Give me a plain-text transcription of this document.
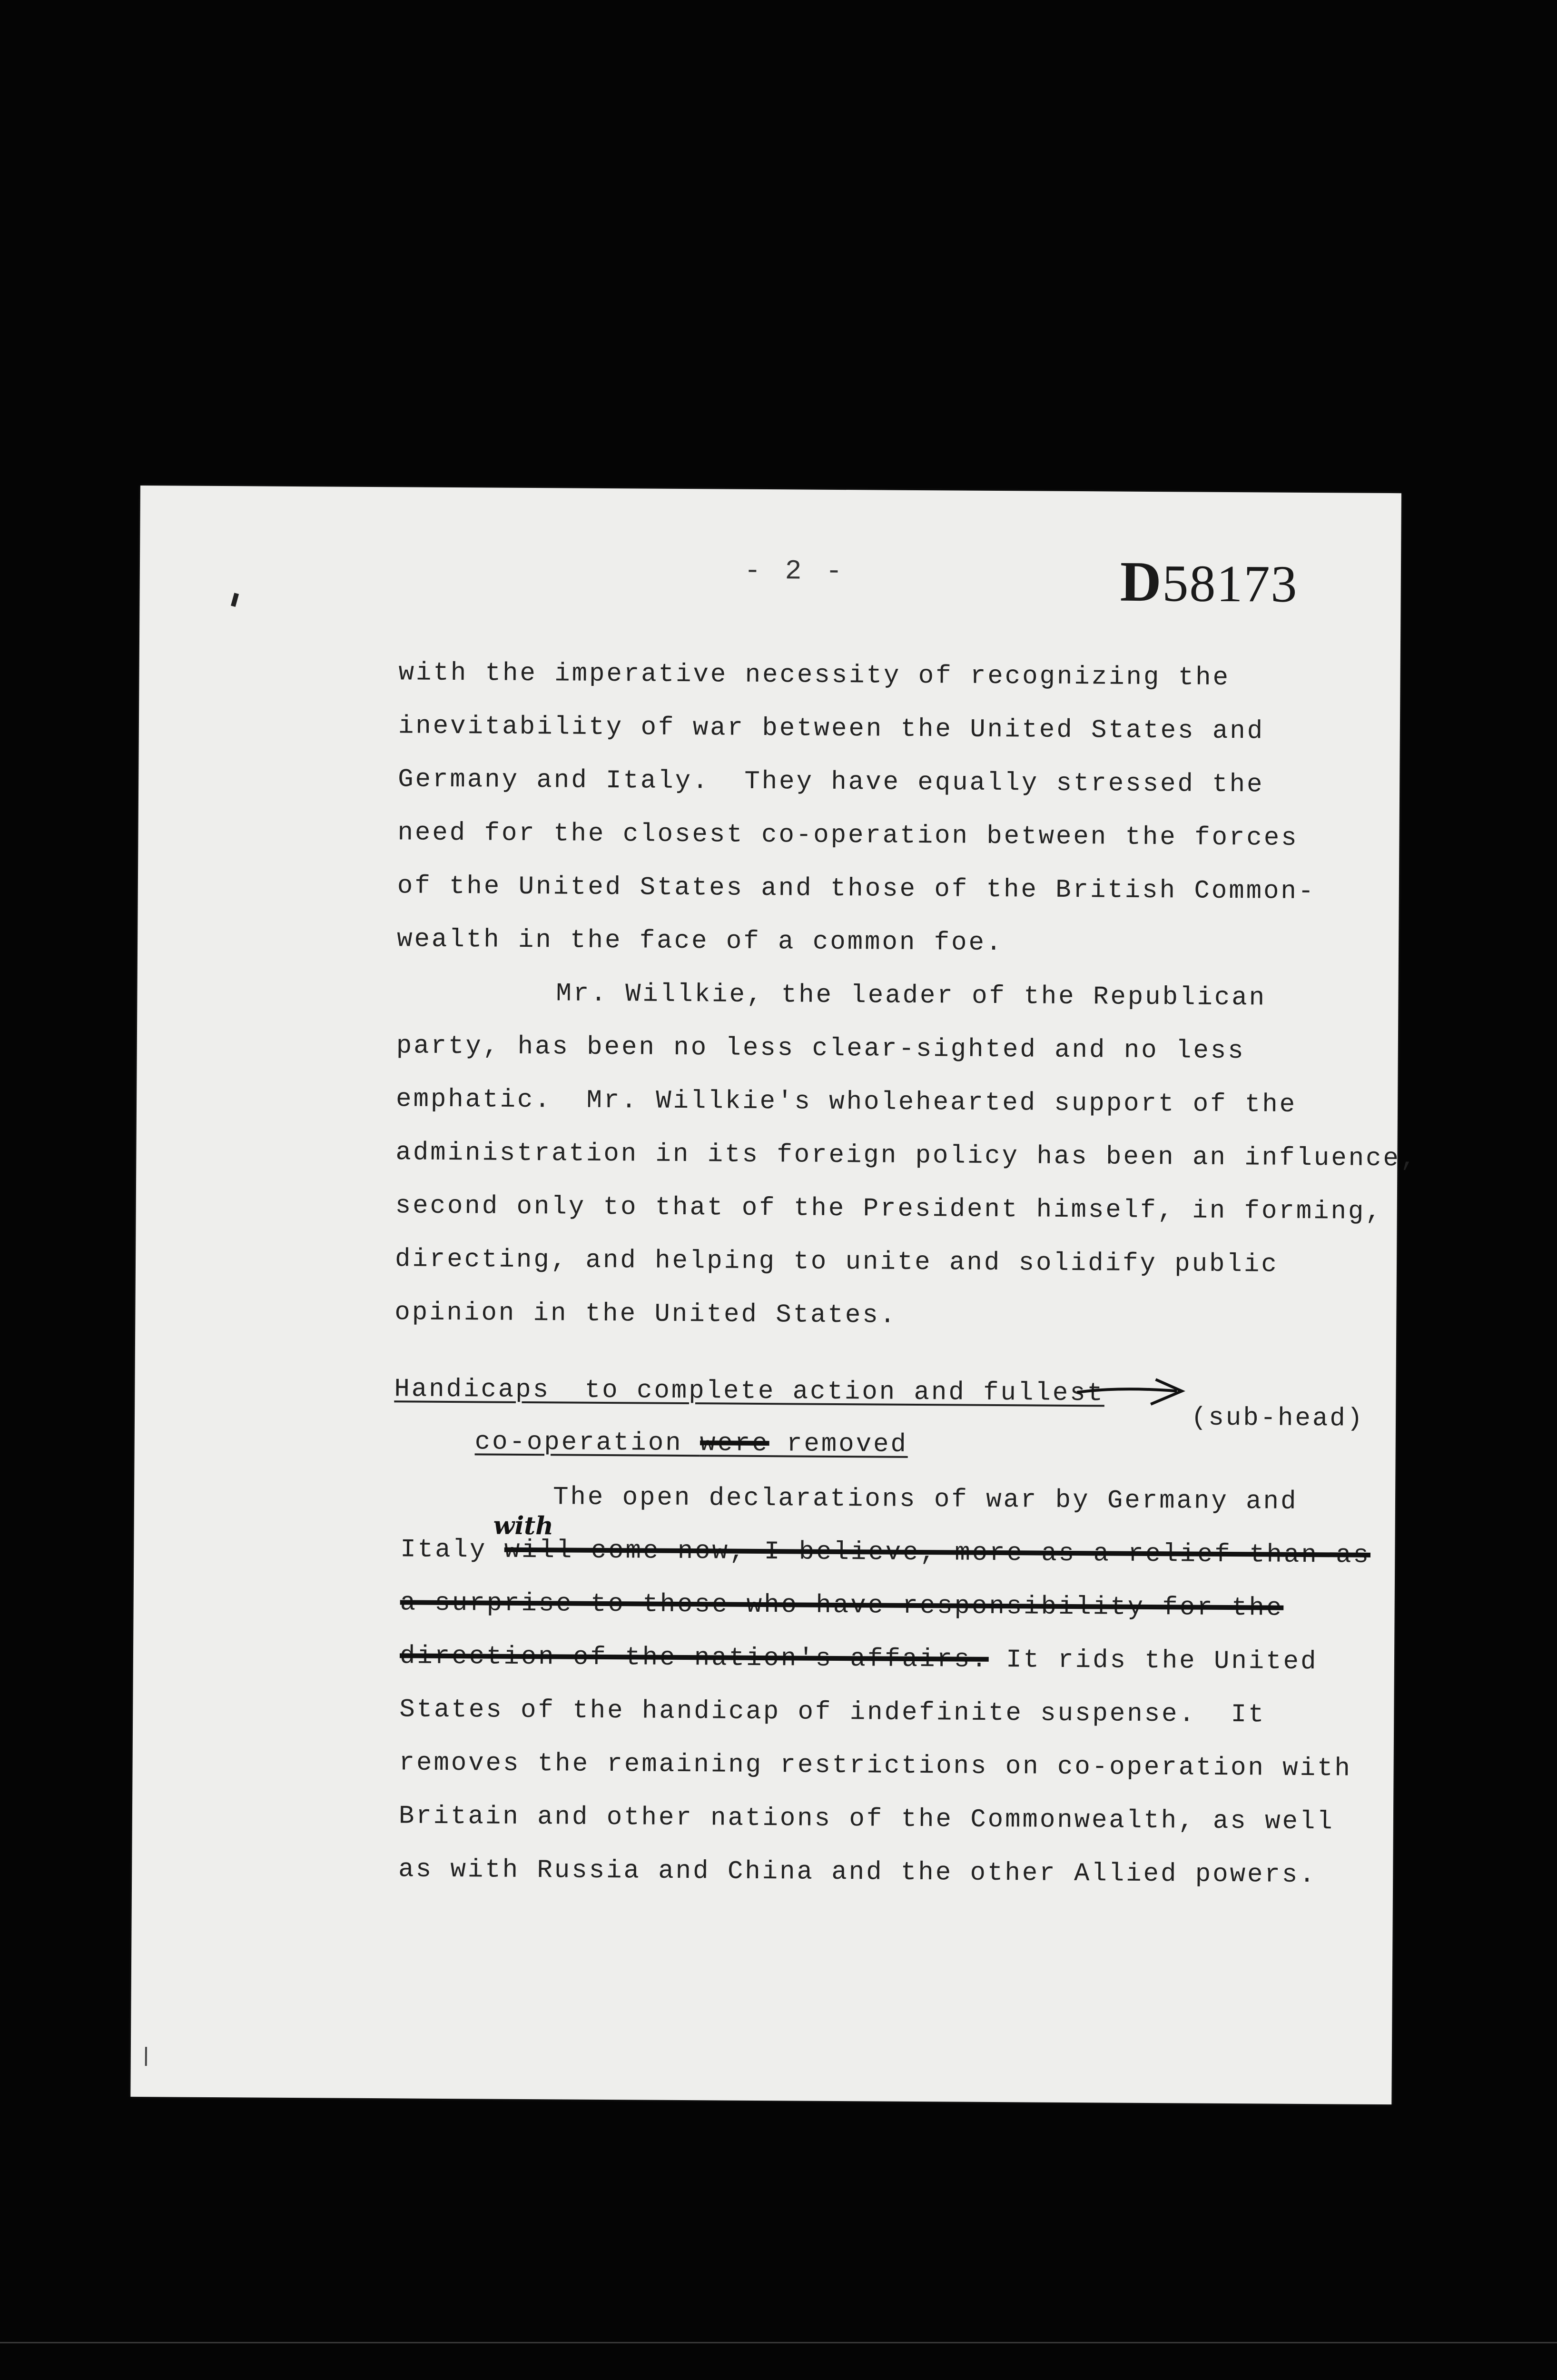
- 2 -	D58173
with the imperative necessity of recognizing the
inevitability of war between the United States and
Germany and Italy.  They have equally stressed the
need for the closest co-operation between the forces
of the United States and those of the British Common-
wealth in the face of a common foe.
Mr. Willkie, the leader of the Republican
party, has been no less clear-sighted and no less
emphatic.  Mr. Willkie's wholehearted support of the
administration in its foreign policy has been an influence,
second only to that of the President himself, in forming,
directing, and helping to unite and solidify public
opinion in the United States.
Handicaps  to complete action and fullest
(sub-head)
co-operation were removed
The open declarations of war by Germany and
with
Italy will come now, I believe, more as a relief than as
a surprise to those who have responsibility for the
direction of the nation's affairs. It rids the United
States of the handicap of indefinite suspense.  It
removes the remaining restrictions on co-operation with
Britain and other nations of the Commonwealth, as well
as with Russia and China and the other Allied powers.
